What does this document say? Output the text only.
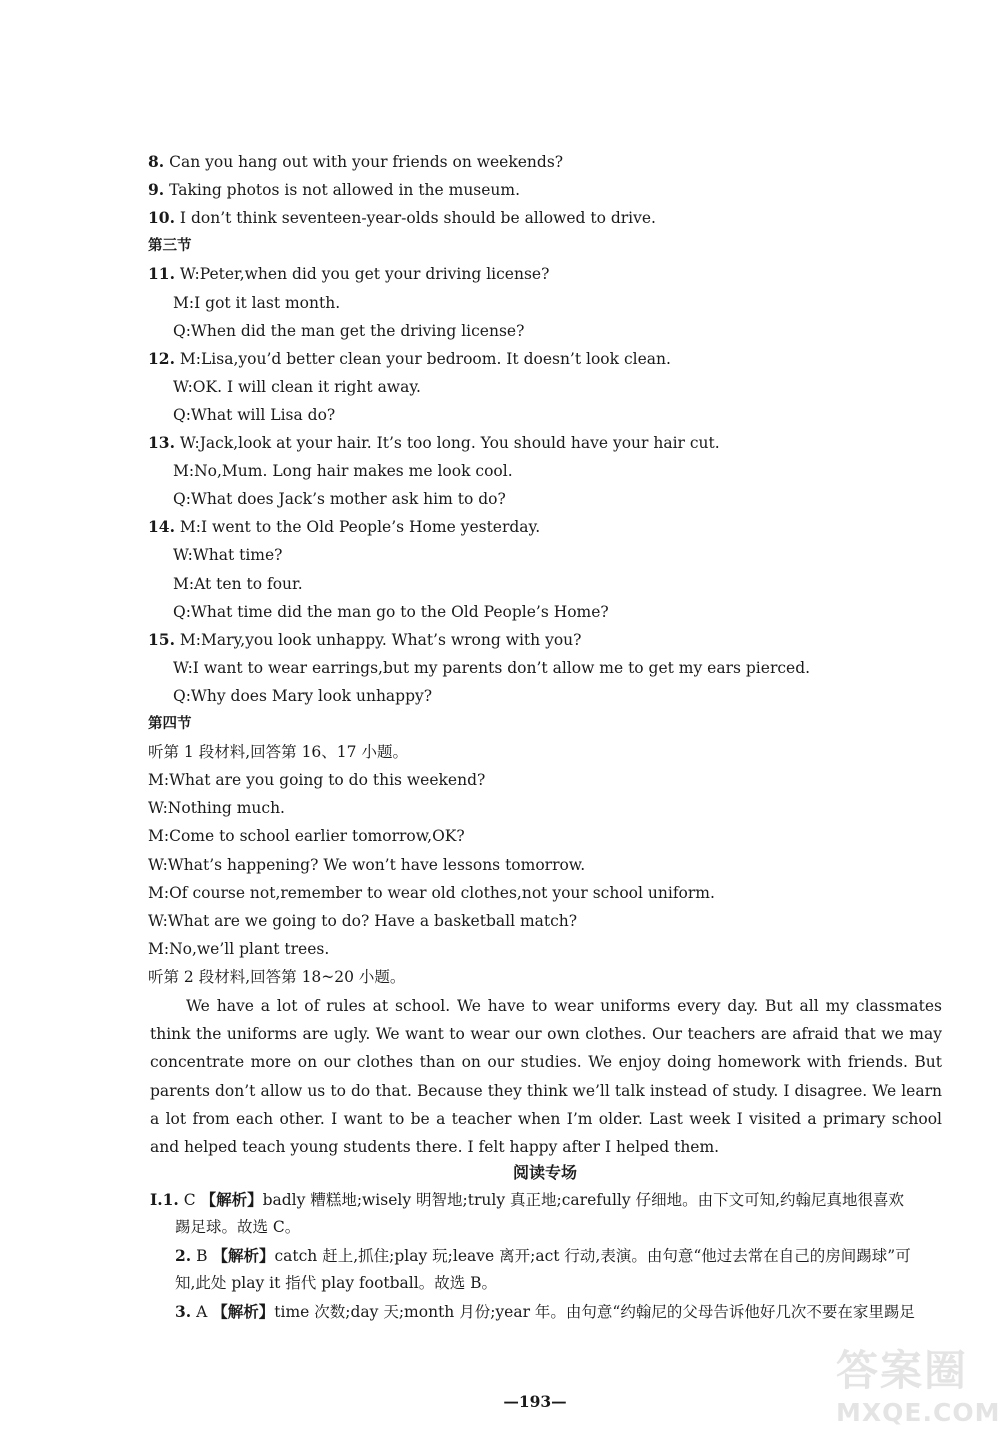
8. Can you hang out with your friends on weekends?
9. Taking photos is not allowed in the museum.
10. I don’t think seventeen-year-olds should be allowed to drive.
第三节
11. W:Peter,when did you get your driving license?
M:I got it last month.
Q:When did the man get the driving license?
12. M:Lisa,you’d better clean your bedroom. It doesn’t look clean.
W:OK. I will clean it right away.
Q:What will Lisa do?
13. W:Jack,look at your hair. It’s too long. You should have your hair cut.
M:No,Mum. Long hair makes me look cool.
Q:What does Jack’s mother ask him to do?
14. M:I went to the Old People’s Home yesterday.
W:What time?
M:At ten to four.
Q:What time did the man go to the Old People’s Home?
15. M:Mary,you look unhappy. What’s wrong with you?
W:I want to wear earrings,but my parents don’t allow me to get my ears pierced.
Q:Why does Mary look unhappy?
第四节
听第 1 段材料,回答第 16、17 小题。
M:What are you going to do this weekend?
W:Nothing much.
M:Come to school earlier tomorrow,OK?
W:What’s happening? We won’t have lessons tomorrow.
M:Of course not,remember to wear old clothes,not your school uniform.
W:What are we going to do? Have a basketball match?
M:No,we’ll plant trees.
听第 2 段材料,回答第 18~20 小题。
We have a lot of rules at school. We have to wear uniforms every day. But all my classmates think the uniforms are ugly. We want to wear our own clothes. Our teachers are afraid that we may concentrate more on our clothes than on our studies. We enjoy doing homework with friends. But parents don’t allow us to do that. Because they think we’ll talk instead of study. I disagree. We learn a lot from each other. I want to be a teacher when I’m older. Last week I visited a primary school and helped teach young students there. I felt happy after I helped them.
阅读专场
Ⅰ.1. C 【解析】badly 糟糕地;wisely 明智地;truly 真正地;carefully 仔细地。由下文可知,约翰尼真地很喜欢
踢足球。故选 C。
2. B 【解析】catch 赶上,抓住;play 玩;leave 离开;act 行动,表演。由句意“他过去常在自己的房间踢球”可
知,此处 play it 指代 play football。故选 B。
3. A 【解析】time 次数;day 天;month 月份;year 年。由句意“约翰尼的父母告诉他好几次不要在家里踢足
—193—
答案圈
MXQE.COM
